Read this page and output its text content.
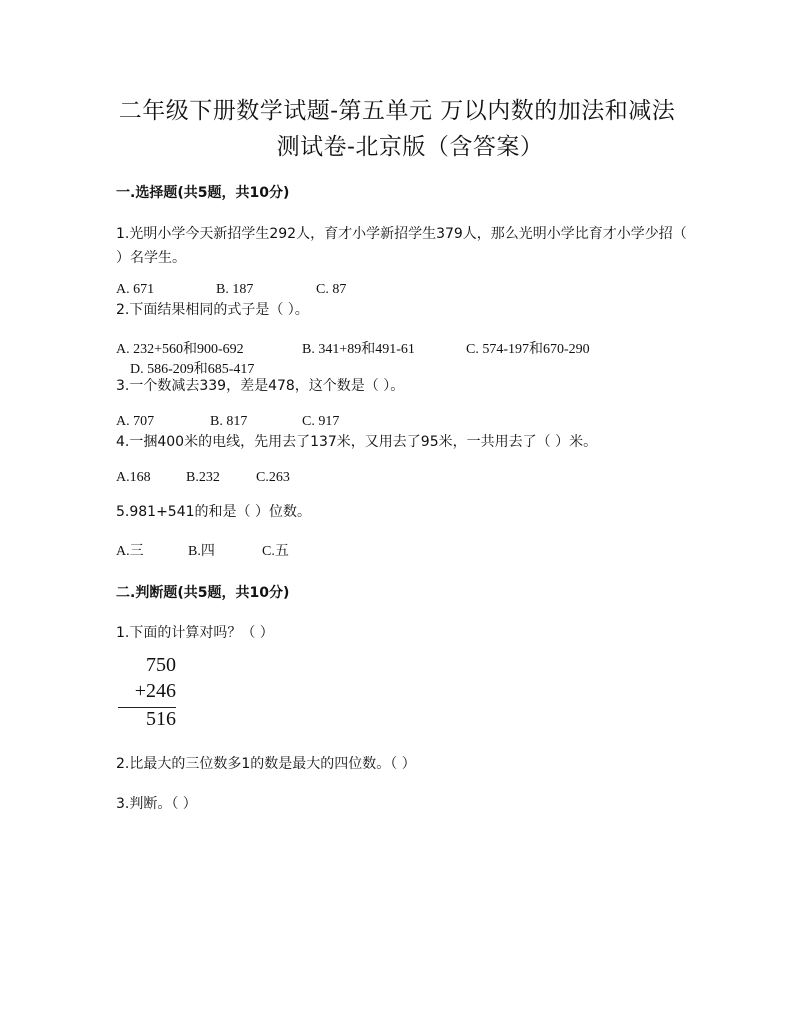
二年级下册数学试题-第五单元 万以内数的加法和减法
测试卷-北京版（含答案）
一.选择题(共5题，共10分)
1.光明小学今天新招学生292人，育才小学新招学生379人，那么光明小学比育才小学少招（ ）名学生。
A. 671	B. 187	C. 87
2.下面结果相同的式子是（ ）。
A. 232+560和900-692	B. 341+89和491-61	C. 574-197和670-290
D. 586-209和685-417
3.一个数减去339，差是478，这个数是（ ）。
A. 707	B. 817	C. 917
4.一捆400米的电线，先用去了137米，又用去了95米，一共用去了（ ）米。
A.168	B.232	C.263
5.981+541的和是（ ）位数。
A.三	B.四	C.五
二.判断题(共5题，共10分)
1.下面的计算对吗？（ ）
750
+246
516
2.比最大的三位数多1的数是最大的四位数。（ ）
3.判断。（ ）
